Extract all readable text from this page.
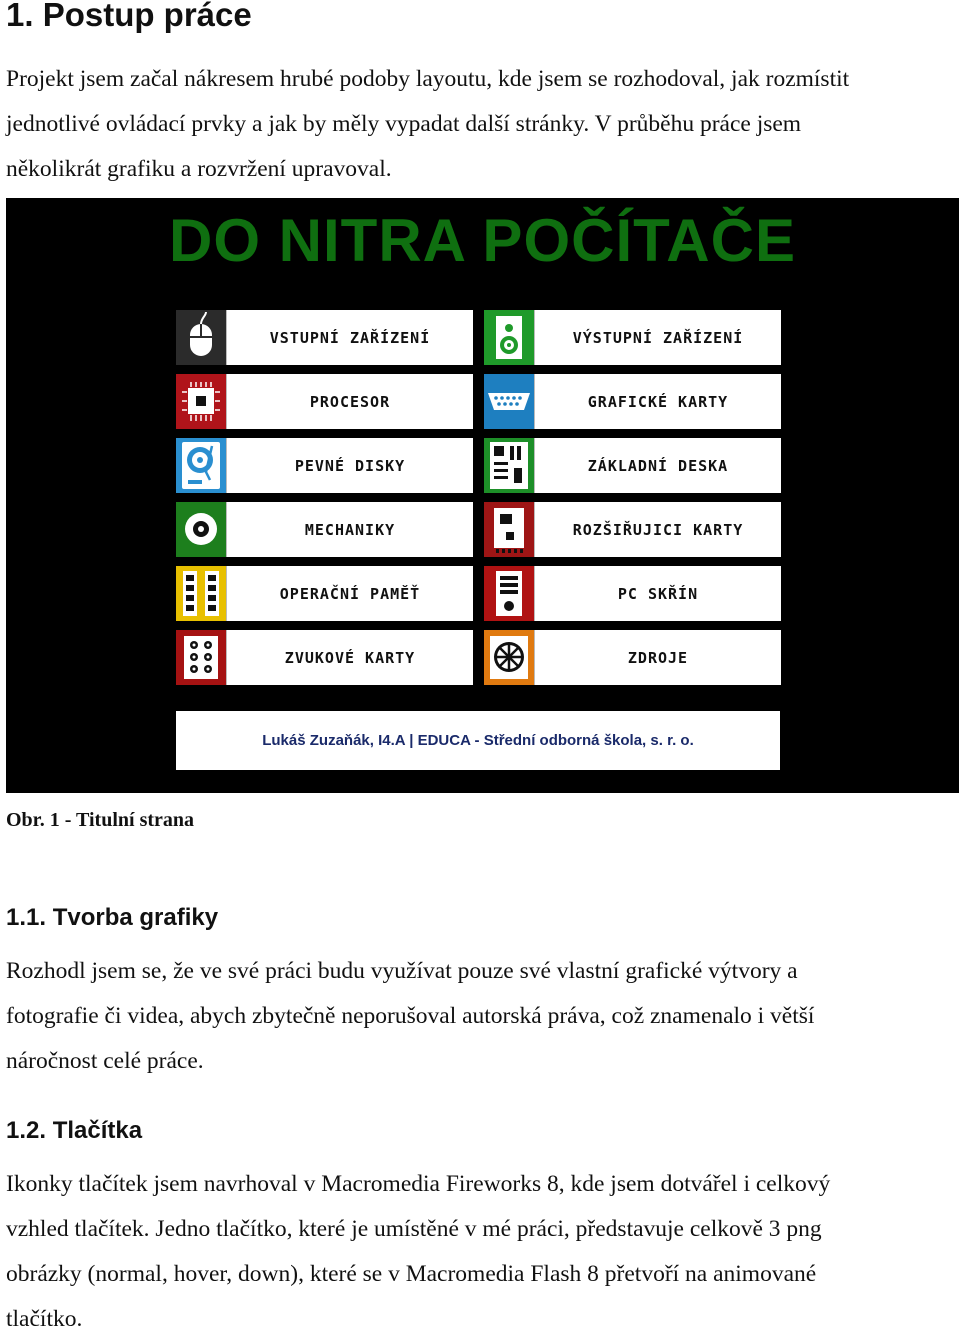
1. Postup práce
Projekt jsem začal nákresem hrubé podoby layoutu, kde jsem se rozhodoval, jak rozmístit
jednotlivé ovládací prvky a jak by měly vypadat další stránky. V průběhu práce jsem
několikrát grafiku a rozvržení upravoval.
DO NITRA POČÍTAČE
VSTUPNÍ ZAŘÍZENÍ	VÝSTUPNÍ ZAŘÍZENÍ
PROCESOR	GRAFICKÉ KARTY
PEVNÉ DISKY	ZÁKLADNÍ DESKA
MECHANIKY	ROZŠIŘUJICI KARTY
OPERAČNÍ PAMĚŤ	PC SKŘÍN
ZVUKOVÉ KARTY	ZDROJE
Lukáš Zuzaňák, I4.A | EDUCA - Střední odborná škola, s. r. o.
Obr. 1 - Titulní strana
1.1. Tvorba grafiky
Rozhodl jsem se, že ve své práci budu využívat pouze své vlastní grafické výtvory a
fotografie či videa, abych zbytečně neporušoval autorská práva, což znamenalo i větší
náročnost celé práce.
1.2. Tlačítka
Ikonky tlačítek jsem navrhoval v Macromedia Fireworks 8, kde jsem dotvářel i celkový
vzhled tlačítek. Jedno tlačítko, které je umístěné v mé práci, představuje celkově 3 png
obrázky (normal, hover, down), které se v Macromedia Flash 8 přetvoří na animované
tlačítko.
